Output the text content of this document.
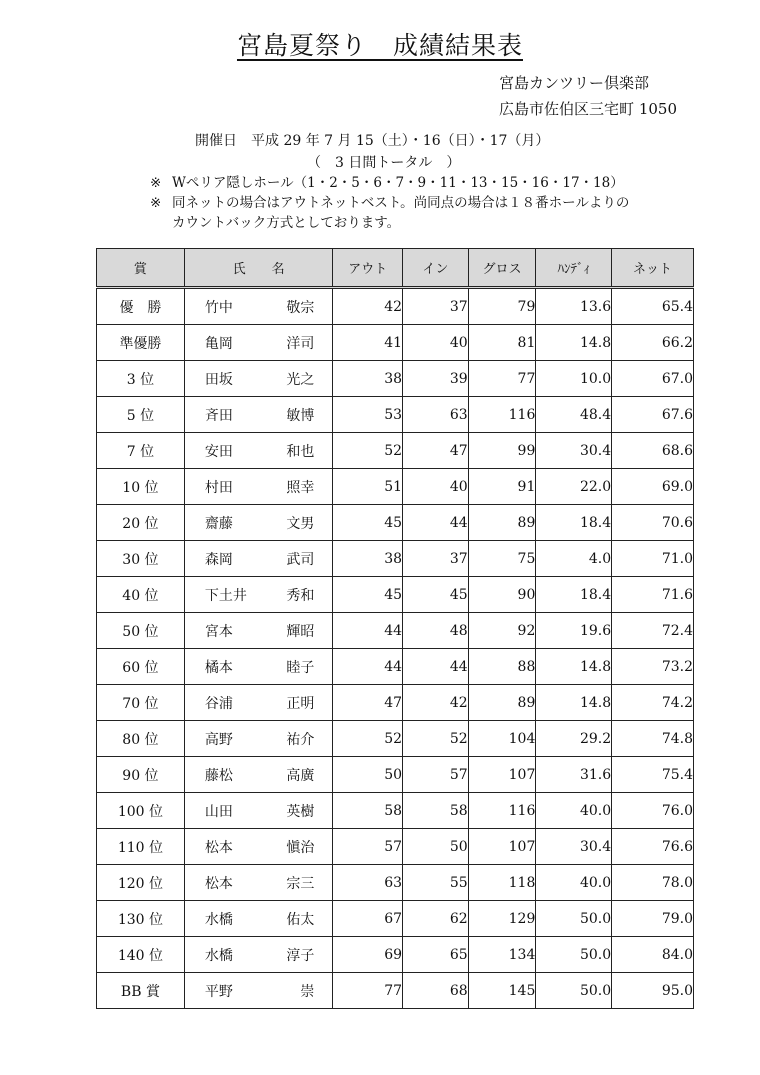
宮島夏祭り　成績結果表
宮島カンツリー倶楽部
広島市佐伯区三宅町 1050
開催日　平成 29 年 7 月 15（土）・16（日）・17（月）
（　3 日間トータル　）
※ Wペリア隠しホール（1・2・5・6・7・9・11・13・15・16・17・18）
※ 同ネットの場合はアウトネットベスト。尚同点の場合は１８番ホールよりの
カウントバック方式としております。
賞	氏　　名	アウト	イン	グロス	ﾊﾝﾃﾞｨ	ネット
優　勝	竹中 敬宗	42	37	79	13.6	65.4
準優勝	亀岡 洋司	41	40	81	14.8	66.2
3 位	田坂 光之	38	39	77	10.0	67.0
5 位	斉田 敏博	53	63	116	48.4	67.6
7 位	安田 和也	52	47	99	30.4	68.6
10 位	村田 照幸	51	40	91	22.0	69.0
20 位	齋藤 文男	45	44	89	18.4	70.6
30 位	森岡 武司	38	37	75	4.0	71.0
40 位	下土井 秀和	45	45	90	18.4	71.6
50 位	宮本 輝昭	44	48	92	19.6	72.4
60 位	橘本 睦子	44	44	88	14.8	73.2
70 位	谷浦 正明	47	42	89	14.8	74.2
80 位	高野 祐介	52	52	104	29.2	74.8
90 位	藤松 高廣	50	57	107	31.6	75.4
100 位	山田 英樹	58	58	116	40.0	76.0
110 位	松本 愼治	57	50	107	30.4	76.6
120 位	松本 宗三	63	55	118	40.0	78.0
130 位	水橋 佑太	67	62	129	50.0	79.0
140 位	水橋 淳子	69	65	134	50.0	84.0
BB 賞	平野 崇	77	68	145	50.0	95.0
